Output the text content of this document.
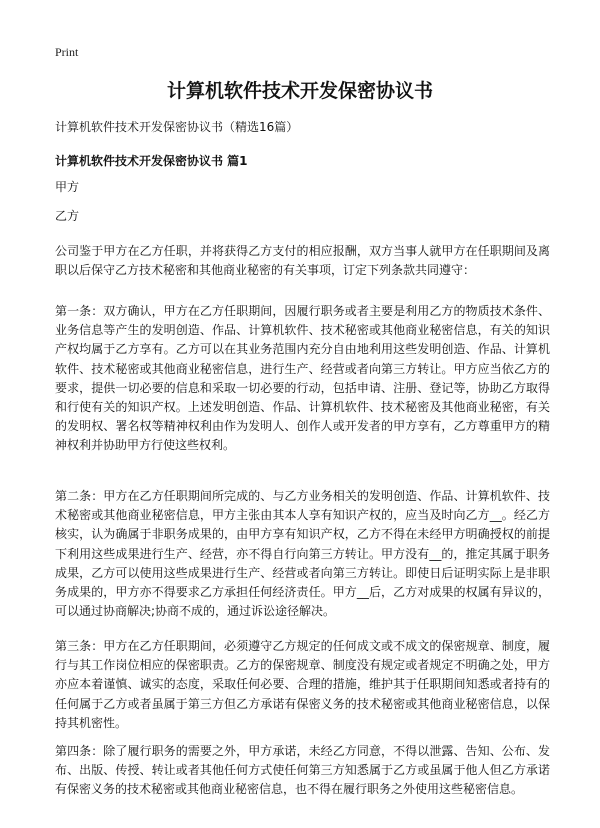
Print
计算机软件技术开发保密协议书
计算机软件技术开发保密协议书（精选16篇）
计算机软件技术开发保密协议书 篇1
甲方
乙方

公司鉴于甲方在乙方任职，并将获得乙方支付的相应报酬，双方当事人就甲方在任职期间及离职以后保守乙方技术秘密和其他商业秘密的有关事项，订定下列条款共同遵守：

第一条：双方确认，甲方在乙方任职期间，因履行职务或者主要是利用乙方的物质技术条件、业务信息等产生的发明创造、作品、计算机软件、技术秘密或其他商业秘密信息，有关的知识产权均属于乙方享有。乙方可以在其业务范围内充分自由地利用这些发明创造、作品、计算机软件、技术秘密或其他商业秘密信息，进行生产、经营或者向第三方转让。甲方应当依乙方的要求，提供一切必要的信息和采取一切必要的行动，包括申请、注册、登记等，协助乙方取得和行使有关的知识产权。上述发明创造、作品、计算机软件、技术秘密及其他商业秘密，有关的发明权、署名权等精神权利由作为发明人、创作人或开发者的甲方享有，乙方尊重甲方的精神权利并协助甲方行使这些权利。

第二条：甲方在乙方任职期间所完成的、与乙方业务相关的发明创造、作品、计算机软件、技术秘密或其他商业秘密信息，甲方主张由其本人享有知识产权的，应当及时向乙方__。经乙方核实，认为确属于非职务成果的，由甲方享有知识产权，乙方不得在未经甲方明确授权的前提下利用这些成果进行生产、经营，亦不得自行向第三方转让。甲方没有__的，推定其属于职务成果，乙方可以使用这些成果进行生产、经营或者向第三方转让。即使日后证明实际上是非职务成果的，甲方亦不得要求乙方承担任何经济责任。甲方__后，乙方对成果的权属有异议的，可以通过协商解决;协商不成的，通过诉讼途径解决。

第三条：甲方在乙方任职期间，必须遵守乙方规定的任何成文或不成文的保密规章、制度，履行与其工作岗位相应的保密职责。乙方的保密规章、制度没有规定或者规定不明确之处，甲方亦应本着谨慎、诚实的态度，采取任何必要、合理的措施，维护其于任职期间知悉或者持有的任何属于乙方或者虽属于第三方但乙方承诺有保密义务的技术秘密或其他商业秘密信息，以保持其机密性。

第四条：除了履行职务的需要之外，甲方承诺，未经乙方同意，不得以泄露、告知、公布、发布、出版、传授、转让或者其他任何方式使任何第三方知悉属于乙方或虽属于他人但乙方承诺有保密义务的技术秘密或其他商业秘密信息，也不得在履行职务之外使用这些秘密信息。
